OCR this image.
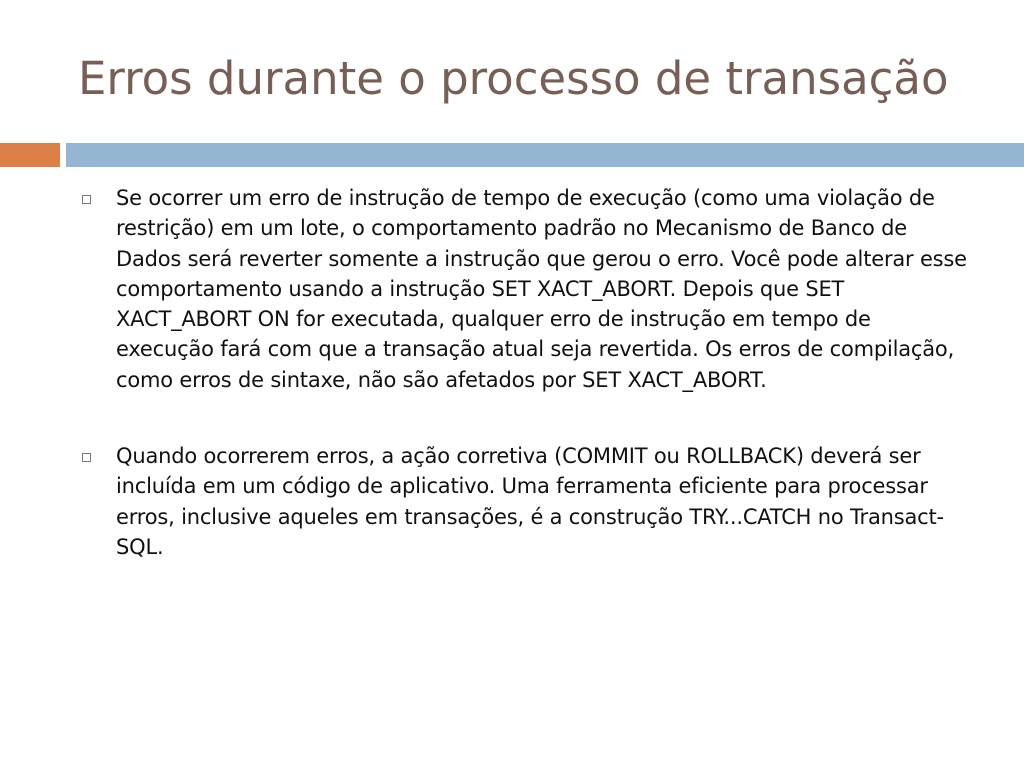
Erros durante o processo de transação
Se ocorrer um erro de instrução de tempo de execução (como uma violação de restrição) em um lote, o comportamento padrão no Mecanismo de Banco de Dados será reverter somente a instrução que gerou o erro. Você pode alterar esse comportamento usando a instrução SET XACT_ABORT. Depois que SET XACT_ABORT ON for executada, qualquer erro de instrução em tempo de execução fará com que a transação atual seja revertida. Os erros de compilação, como erros de sintaxe, não são afetados por SET XACT_ABORT.
Quando ocorrerem erros, a ação corretiva (COMMIT ou ROLLBACK) deverá ser incluída em um código de aplicativo. Uma ferramenta eficiente para processar erros, inclusive aqueles em transações, é a construção TRY...CATCH no Transact-SQL.
